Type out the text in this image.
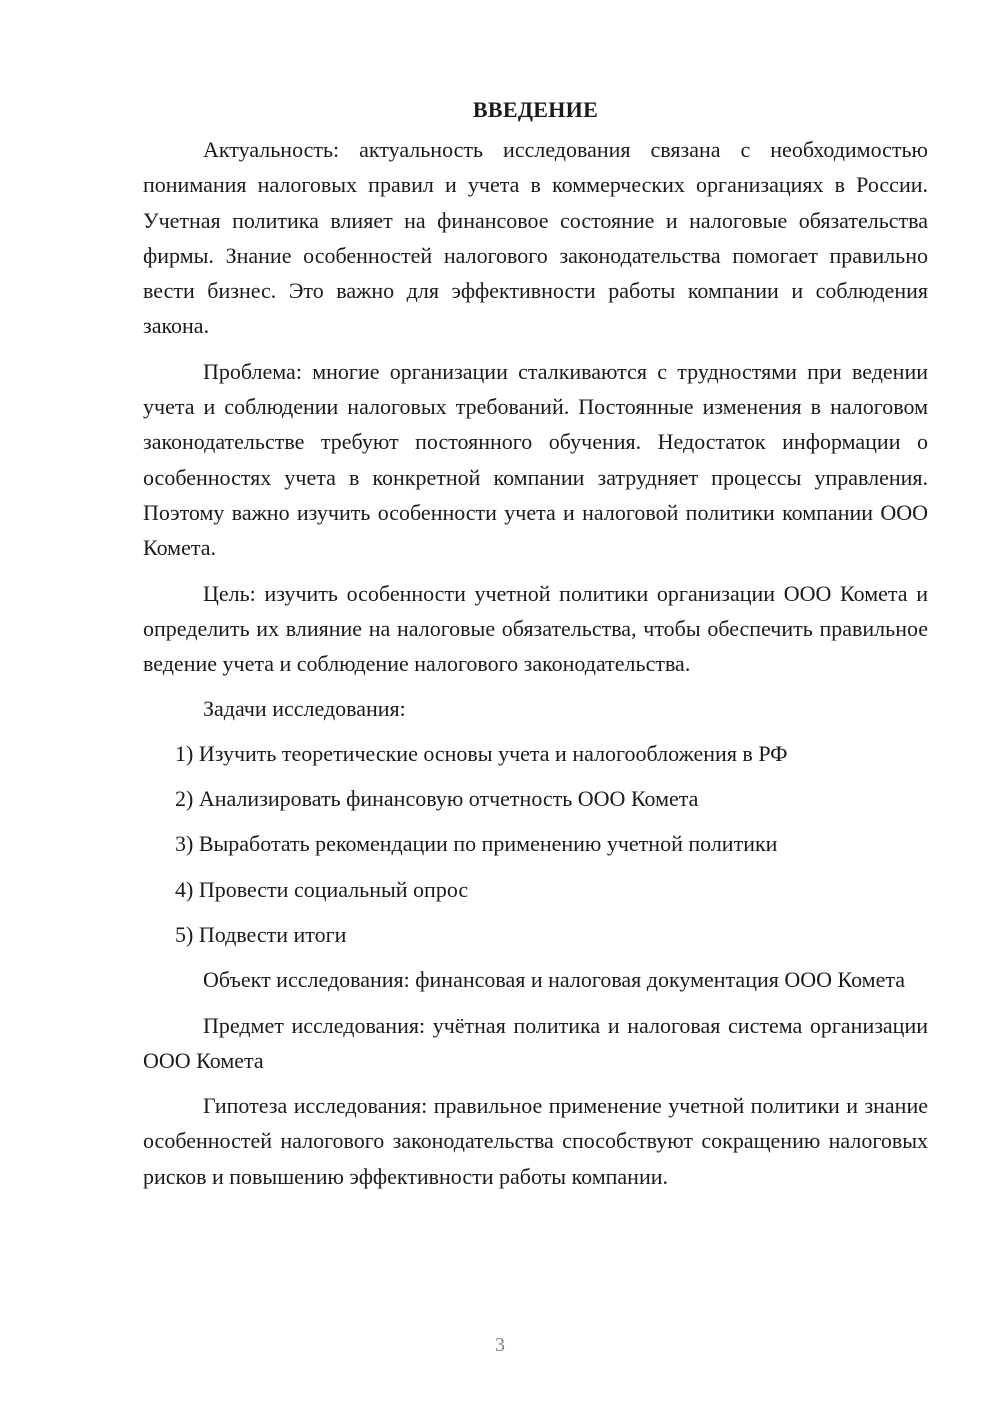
ВВЕДЕНИЕ

Актуальность: актуальность исследования связана с необходимостью понимания налоговых правил и учета в коммерческих организациях в России. Учетная политика влияет на финансовое состояние и налоговые обязательства фирмы. Знание особенностей налогового законодательства помогает правильно вести бизнес. Это важно для эффективности работы компании и соблюдения закона.

Проблема: многие организации сталкиваются с трудностями при ведении учета и соблюдении налоговых требований. Постоянные изменения в налоговом законодательстве требуют постоянного обучения. Недостаток информации о особенностях учета в конкретной компании затрудняет процессы управления. Поэтому важно изучить особенности учета и налоговой политики компании ООО Комета.

Цель: изучить особенности учетной политики организации ООО Комета и определить их влияние на налоговые обязательства, чтобы обеспечить правильное ведение учета и соблюдение налогового законодательства.

Задачи исследования:

1) Изучить теоретические основы учета и налогообложения в РФ
2) Анализировать финансовую отчетность ООО Комета
3) Выработать рекомендации по применению учетной политики
4) Провести социальный опрос
5) Подвести итоги

Объект исследования: финансовая и налоговая документация ООО Комета

Предмет исследования: учётная политика и налоговая система организации ООО Комета

Гипотеза исследования: правильное применение учетной политики и знание особенностей налогового законодательства способствуют сокращению налоговых рисков и повышению эффективности работы компании.

3
